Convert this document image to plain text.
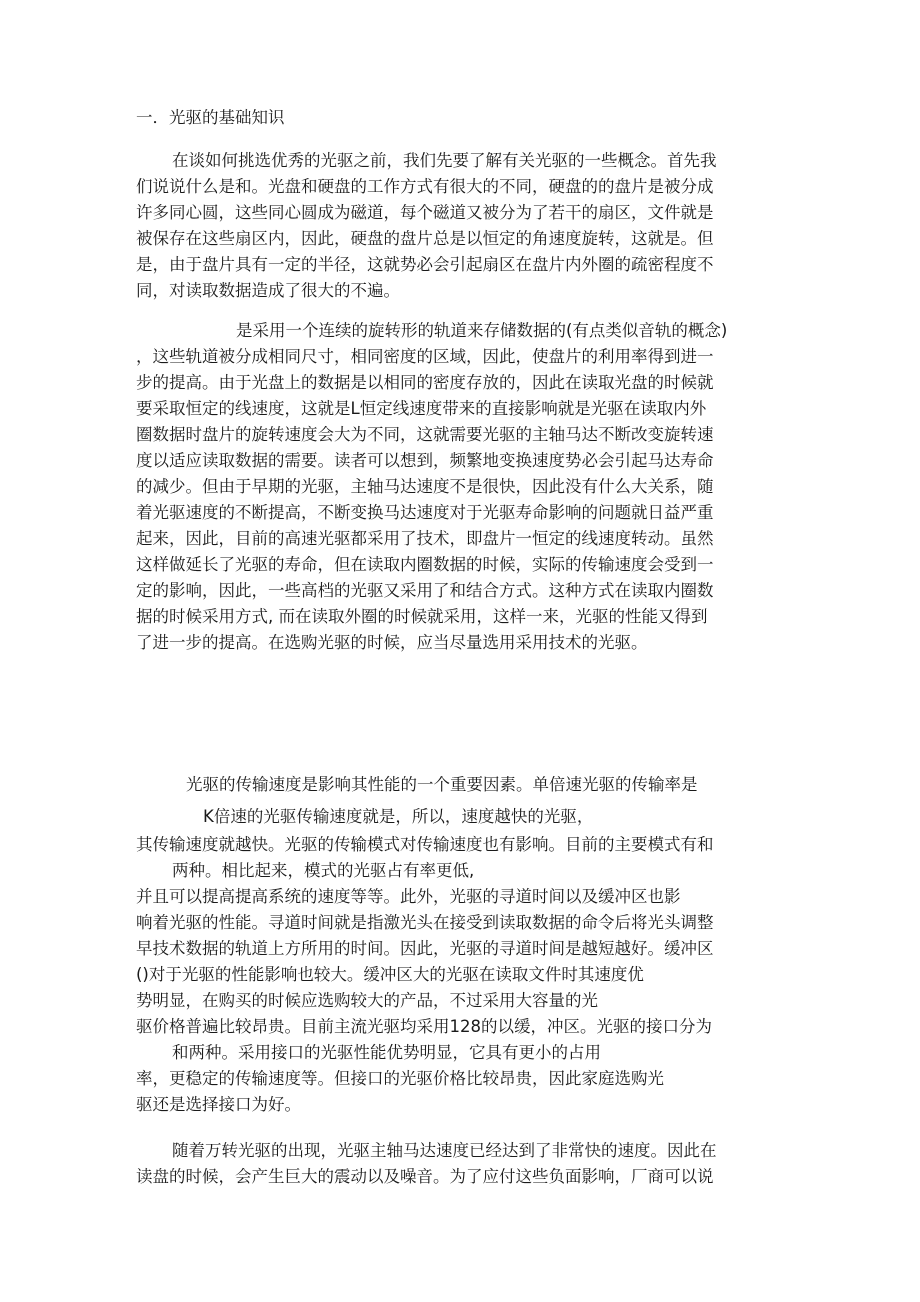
一．光驱的基础知识
在谈如何挑选优秀的光驱之前，我们先要了解有关光驱的一些概念。首先我
们说说什么是和。光盘和硬盘的工作方式有很大的不同，硬盘的的盘片是被分成
许多同心圆，这些同心圆成为磁道，每个磁道又被分为了若干的扇区，文件就是
被保存在这些扇区内，因此，硬盘的盘片总是以恒定的角速度旋转，这就是。但
是，由于盘片具有一定的半径，这就势必会引起扇区在盘片内外圈的疏密程度不
同，对读取数据造成了很大的不遍。
是采用一个连续的旋转形的轨道来存储数据的(有点类似音轨的概念)
，这些轨道被分成相同尺寸，相同密度的区域，因此，使盘片的利用率得到进一
步的提高。由于光盘上的数据是以相同的密度存放的，因此在读取光盘的时候就
要采取恒定的线速度，这就是L恒定线速度带来的直接影响就是光驱在读取内外
圈数据时盘片的旋转速度会大为不同，这就需要光驱的主轴马达不断改变旋转速
度以适应读取数据的需要。读者可以想到，频繁地变换速度势必会引起马达寿命
的减少。但由于早期的光驱，主轴马达速度不是很快，因此没有什么大关系，随
着光驱速度的不断提高，不断变换马达速度对于光驱寿命影响的问题就日益严重
起来，因此，目前的高速光驱都采用了技术，即盘片一恒定的线速度转动。虽然
这样做延长了光驱的寿命，但在读取内圈数据的时候，实际的传输速度会受到一
定的影响，因此，一些高档的光驱又采用了和结合方式。这种方式在读取内圈数
据的时候采用方式, 而在读取外圈的时候就采用，这样一来，光驱的性能又得到
了进一步的提高。在选购光驱的时候，应当尽量选用采用技术的光驱。
光驱的传输速度是影响其性能的一个重要因素。单倍速光驱的传输率是
K倍速的光驱传输速度就是，所以，速度越快的光驱，
其传输速度就越快。光驱的传输模式对传输速度也有影响。目前的主要模式有和
两种。相比起来，模式的光驱占有率更低,
并且可以提高提高系统的速度等等。此外，光驱的寻道时间以及缓冲区也影
响着光驱的性能。寻道时间就是指激光头在接受到读取数据的命令后将光头调整
早技术数据的轨道上方所用的时间。因此，光驱的寻道时间是越短越好。缓冲区
()对于光驱的性能影响也较大。缓冲区大的光驱在读取文件时其速度优
势明显，在购买的时候应选购较大的产品，不过采用大容量的光
驱价格普遍比较昂贵。目前主流光驱均采用128的以缓，冲区。光驱的接口分为
和两种。采用接口的光驱性能优势明显，它具有更小的占用
率，更稳定的传输速度等。但接口的光驱价格比较昂贵，因此家庭选购光
驱还是选择接口为好。
随着万转光驱的出现，光驱主轴马达速度已经达到了非常快的速度。因此在
读盘的时候，会产生巨大的震动以及噪音。为了应付这些负面影响，厂商可以说
